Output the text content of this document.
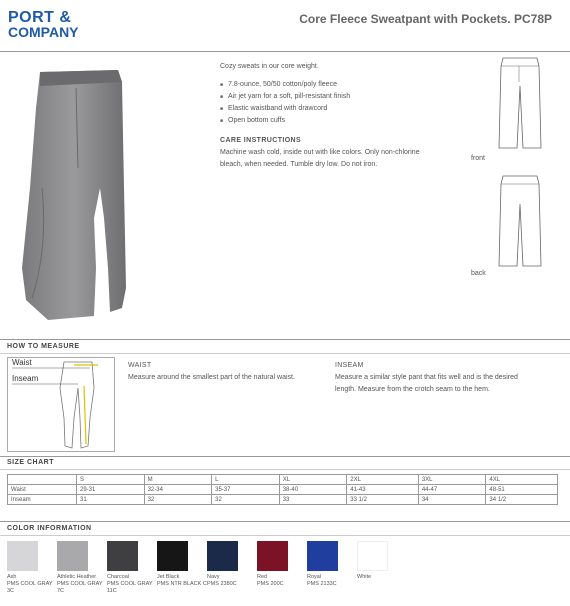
PORT &
COMPANY
Core Fleece Sweatpant with Pockets. PC78P
Cozy sweats in our core weight.
■ 7.8-ounce, 50/50 cotton/poly fleece
■ Air jet yarn for a soft, pill-resistant finish
■ Elastic waistband with drawcord
■ Open bottom cuffs
CARE INSTRUCTIONS
Machine wash cold, inside out with like colors. Only non-chlorine bleach, when needed. Tumble dry low. Do not iron.
front
back
HOW TO MEASURE
Waist
Inseam
WAIST
Measure around the smallest part of the natural waist.
INSEAM
Measure a similar style pant that fits well and is the desired length. Measure from the crotch seam to the hem.
SIZE CHART
	S	M	L	XL	2XL	3XL	4XL
Waist	29-31	32-34	35-37	38-40	41-43	44-47	48-51
Inseam	31	32	32	33	33 1/2	34	34 1/2
COLOR INFORMATION
Ash
PMS COOL GRAY 3C
Athletic Heather
PMS COOL GRAY 7C
Charcoal
PMS COOL GRAY 11C
Jet Black
PMS NTR BLACK C
Navy
PMS 2380C
Red
PMS 200C
Royal
PMS 2133C
White
